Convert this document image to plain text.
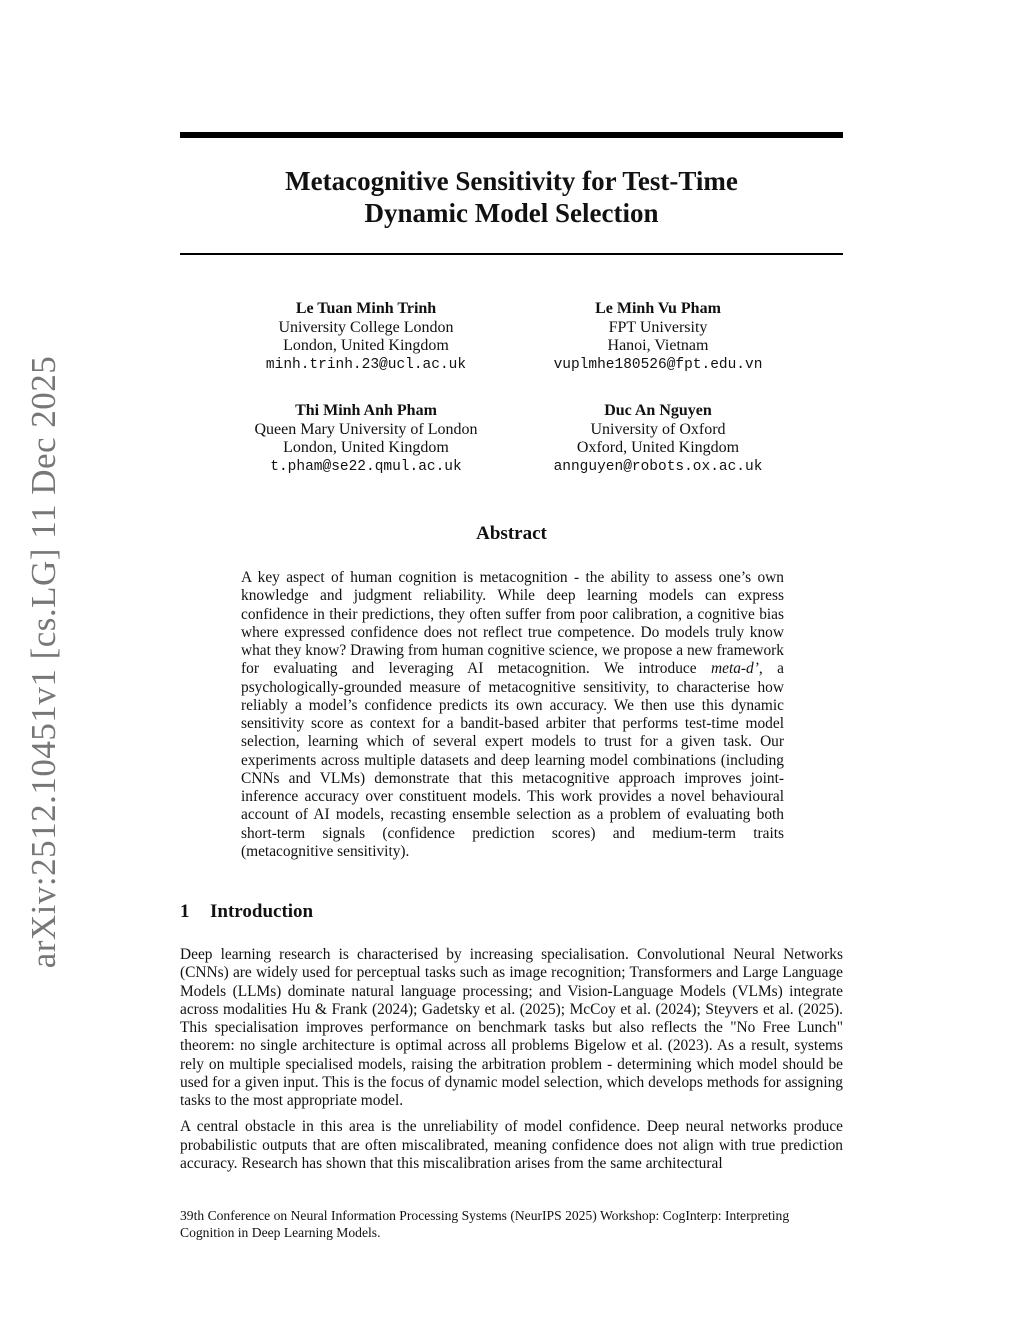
arXiv:2512.10451v1 [cs.LG] 11 Dec 2025
Metacognitive Sensitivity for Test-Time
Dynamic Model Selection
Le Tuan Minh Trinh
University College London
London, United Kingdom
minh.trinh.23@ucl.ac.uk
Le Minh Vu Pham
FPT University
Hanoi, Vietnam
vuplmhe180526@fpt.edu.vn
Thi Minh Anh Pham
Queen Mary University of London
London, United Kingdom
t.pham@se22.qmul.ac.uk
Duc An Nguyen
University of Oxford
Oxford, United Kingdom
annguyen@robots.ox.ac.uk
Abstract

A key aspect of human cognition is metacognition - the ability to assess one’s own knowledge and judgment reliability. While deep learning models can express confidence in their predictions, they often suffer from poor calibration, a cognitive bias where expressed confidence does not reflect true competence. Do models truly know what they know? Drawing from human cognitive science, we propose a new framework for evaluating and leveraging AI metacognition. We introduce meta-d’, a psychologically-grounded measure of metacognitive sensitivity, to characterise how reliably a model’s confidence predicts its own accuracy. We then use this dynamic sensitivity score as context for a bandit-based arbiter that performs test-time model selection, learning which of several expert models to trust for a given task. Our experiments across multiple datasets and deep learning model combinations (including CNNs and VLMs) demonstrate that this metacognitive approach improves joint-inference accuracy over constituent models. This work provides a novel behavioural account of AI models, recasting ensemble selection as a problem of evaluating both short-term signals (confidence prediction scores) and medium-term traits (metacognitive sensitivity).

1 Introduction

Deep learning research is characterised by increasing specialisation. Convolutional Neural Networks (CNNs) are widely used for perceptual tasks such as image recognition; Transformers and Large Language Models (LLMs) dominate natural language processing; and Vision-Language Models (VLMs) integrate across modalities Hu & Frank (2024); Gadetsky et al. (2025); McCoy et al. (2024); Steyvers et al. (2025). This specialisation improves performance on benchmark tasks but also reflects the "No Free Lunch" theorem: no single architecture is optimal across all problems Bigelow et al. (2023). As a result, systems rely on multiple specialised models, raising the arbitration problem - determining which model should be used for a given input. This is the focus of dynamic model selection, which develops methods for assigning tasks to the most appropriate model.

A central obstacle in this area is the unreliability of model confidence. Deep neural networks produce probabilistic outputs that are often miscalibrated, meaning confidence does not align with true prediction accuracy. Research has shown that this miscalibration arises from the same architectural

39th Conference on Neural Information Processing Systems (NeurIPS 2025) Workshop: CogInterp: Interpreting Cognition in Deep Learning Models.
